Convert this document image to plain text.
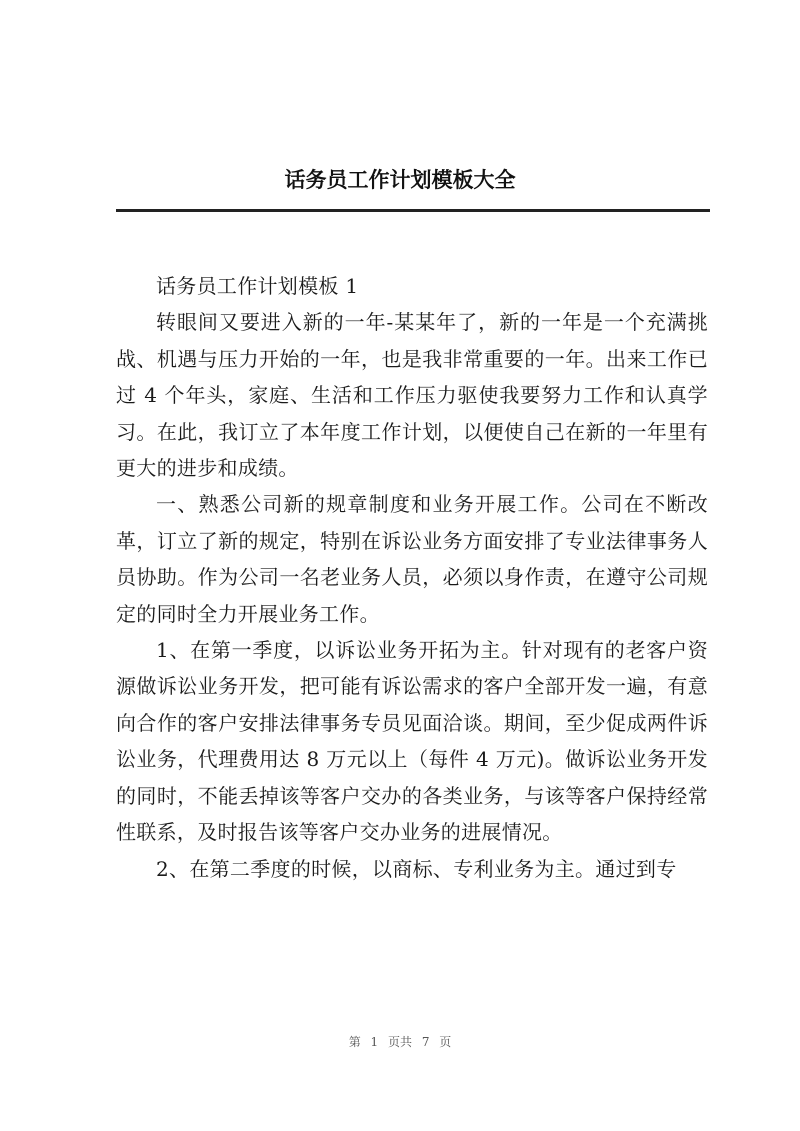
话务员工作计划模板大全

话务员工作计划模板 1

转眼间又要进入新的一年-某某年了，新的一年是一个充满挑战、机遇与压力开始的一年，也是我非常重要的一年。出来工作已过 4 个年头，家庭、生活和工作压力驱使我要努力工作和认真学习。在此，我订立了本年度工作计划，以便使自己在新的一年里有更大的进步和成绩。

一、熟悉公司新的规章制度和业务开展工作。公司在不断改革，订立了新的规定，特别在诉讼业务方面安排了专业法律事务人员协助。作为公司一名老业务人员，必须以身作责，在遵守公司规定的同时全力开展业务工作。

1、在第一季度，以诉讼业务开拓为主。针对现有的老客户资源做诉讼业务开发，把可能有诉讼需求的客户全部开发一遍，有意向合作的客户安排法律事务专员见面洽谈。期间，至少促成两件诉讼业务，代理费用达 8 万元以上（每件 4 万元)。做诉讼业务开发的同时，不能丢掉该等客户交办的各类业务，与该等客户保持经常性联系，及时报告该等客户交办业务的进展情况。

2、在第二季度的时候，以商标、专利业务为主。通过到专

第 1 页共 7 页
